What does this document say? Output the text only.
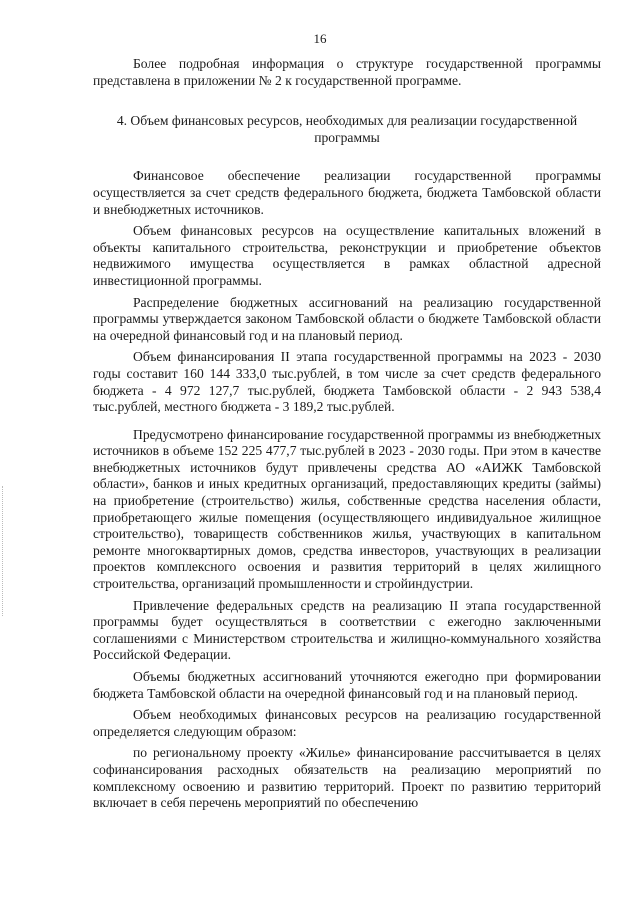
16

Более подробная информация о структуре государственной программы представлена в приложении № 2 к государственной программе.

4. Объем финансовых ресурсов, необходимых для реализации государственной программы

Финансовое обеспечение реализации государственной программы осуществляется за счет средств федерального бюджета, бюджета Тамбовской области и внебюджетных источников.

Объем финансовых ресурсов на осуществление капитальных вложений в объекты капитального строительства, реконструкции и приобретение объектов недвижимого имущества осуществляется в рамках областной адресной инвестиционной программы.

Распределение бюджетных ассигнований на реализацию государственной программы утверждается законом Тамбовской области о бюджете Тамбовской области на очередной финансовый год и на плановый период.

Объем финансирования II этапа государственной программы на 2023 - 2030 годы составит 160 144 333,0 тыс.рублей, в том числе за счет средств федерального бюджета - 4 972 127,7 тыс.рублей, бюджета Тамбовской области - 2 943 538,4 тыс.рублей, местного бюджета - 3 189,2 тыс.рублей.

Предусмотрено финансирование государственной программы из внебюджетных источников в объеме 152 225 477,7 тыс.рублей в 2023 - 2030 годы. При этом в качестве внебюджетных источников будут привлечены средства АО «АИЖК Тамбовской области», банков и иных кредитных организаций, предоставляющих кредиты (займы) на приобретение (строительство) жилья, собственные средства населения области, приобретающего жилые помещения (осуществляющего индивидуальное жилищное строительство), товариществ собственников жилья, участвующих в капитальном ремонте многоквартирных домов, средства инвесторов, участвующих в реализации проектов комплексного освоения и развития территорий в целях жилищного строительства, организаций промышленности и стройиндустрии.

Привлечение федеральных средств на реализацию II этапа государственной программы будет осуществляться в соответствии с ежегодно заключенными соглашениями с Министерством строительства и жилищно-коммунального хозяйства Российской Федерации.

Объемы бюджетных ассигнований уточняются ежегодно при формировании бюджета Тамбовской области на очередной финансовый год и на плановый период.

Объем необходимых финансовых ресурсов на реализацию государственной определяется следующим образом:

по региональному проекту «Жилье» финансирование рассчитывается в целях софинансирования расходных обязательств на реализацию мероприятий по комплексному освоению и развитию территорий. Проект по развитию территорий включает в себя перечень мероприятий по обеспечению
